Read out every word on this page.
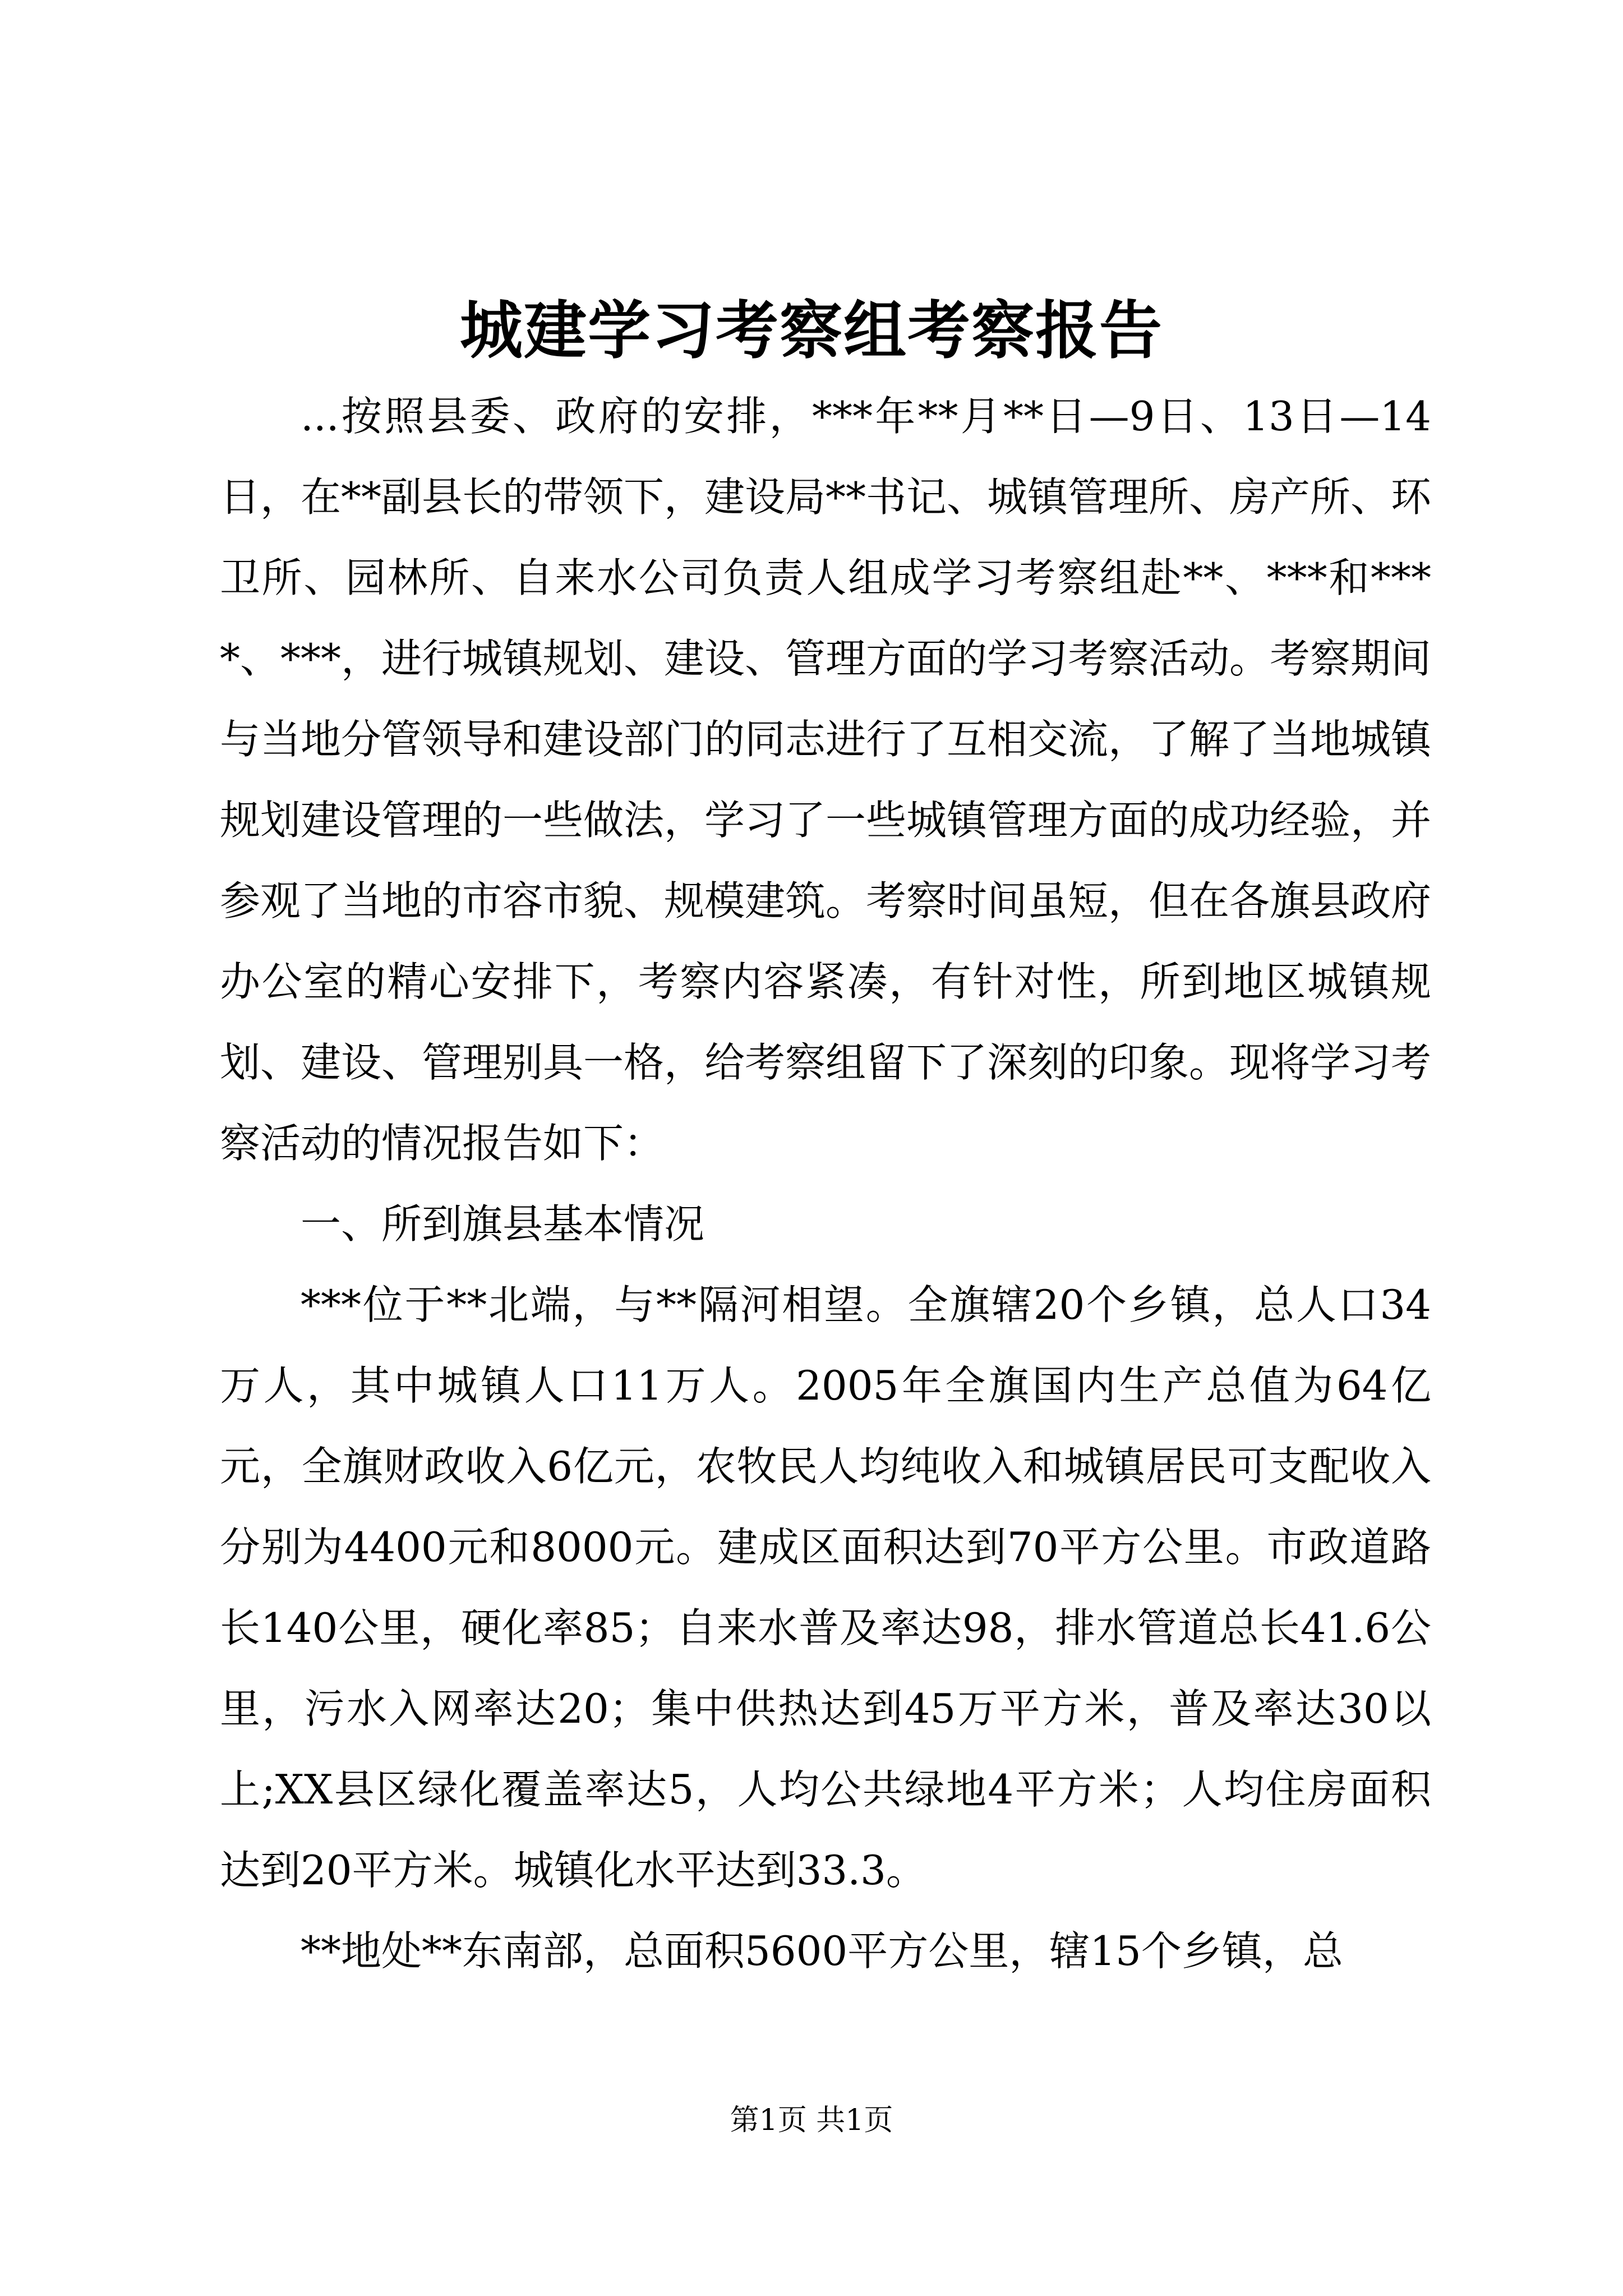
城建学习考察组考察报告

...按照县委、政府的安排，***年**月**日—9日、13日—14日，在**副县长的带领下，建设局**书记、城镇管理所、房产所、环卫所、园林所、自来水公司负责人组成学习考察组赴**、***和****、***，进行城镇规划、建设、管理方面的学习考察活动。考察期间与当地分管领导和建设部门的同志进行了互相交流，了解了当地城镇规划建设管理的一些做法，学习了一些城镇管理方面的成功经验，并参观了当地的市容市貌、规模建筑。考察时间虽短，但在各旗县政府办公室的精心安排下，考察内容紧凑，有针对性，所到地区城镇规划、建设、管理别具一格，给考察组留下了深刻的印象。现将学习考察活动的情况报告如下：

一、所到旗县基本情况

***位于**北端，与**隔河相望。全旗辖20个乡镇，总人口34万人，其中城镇人口11万人。2005年全旗国内生产总值为64亿元，全旗财政收入6亿元，农牧民人均纯收入和城镇居民可支配收入分别为4400元和8000元。建成区面积达到70平方公里。市政道路长140公里，硬化率85；自来水普及率达98，排水管道总长41.6公里，污水入网率达20；集中供热达到45万平方米，普及率达30以上;XX县区绿化覆盖率达5，人均公共绿地4平方米；人均住房面积达到20平方米。城镇化水平达到33.3。

**地处**东南部，总面积5600平方公里，辖15个乡镇，总

第1页 共1页
